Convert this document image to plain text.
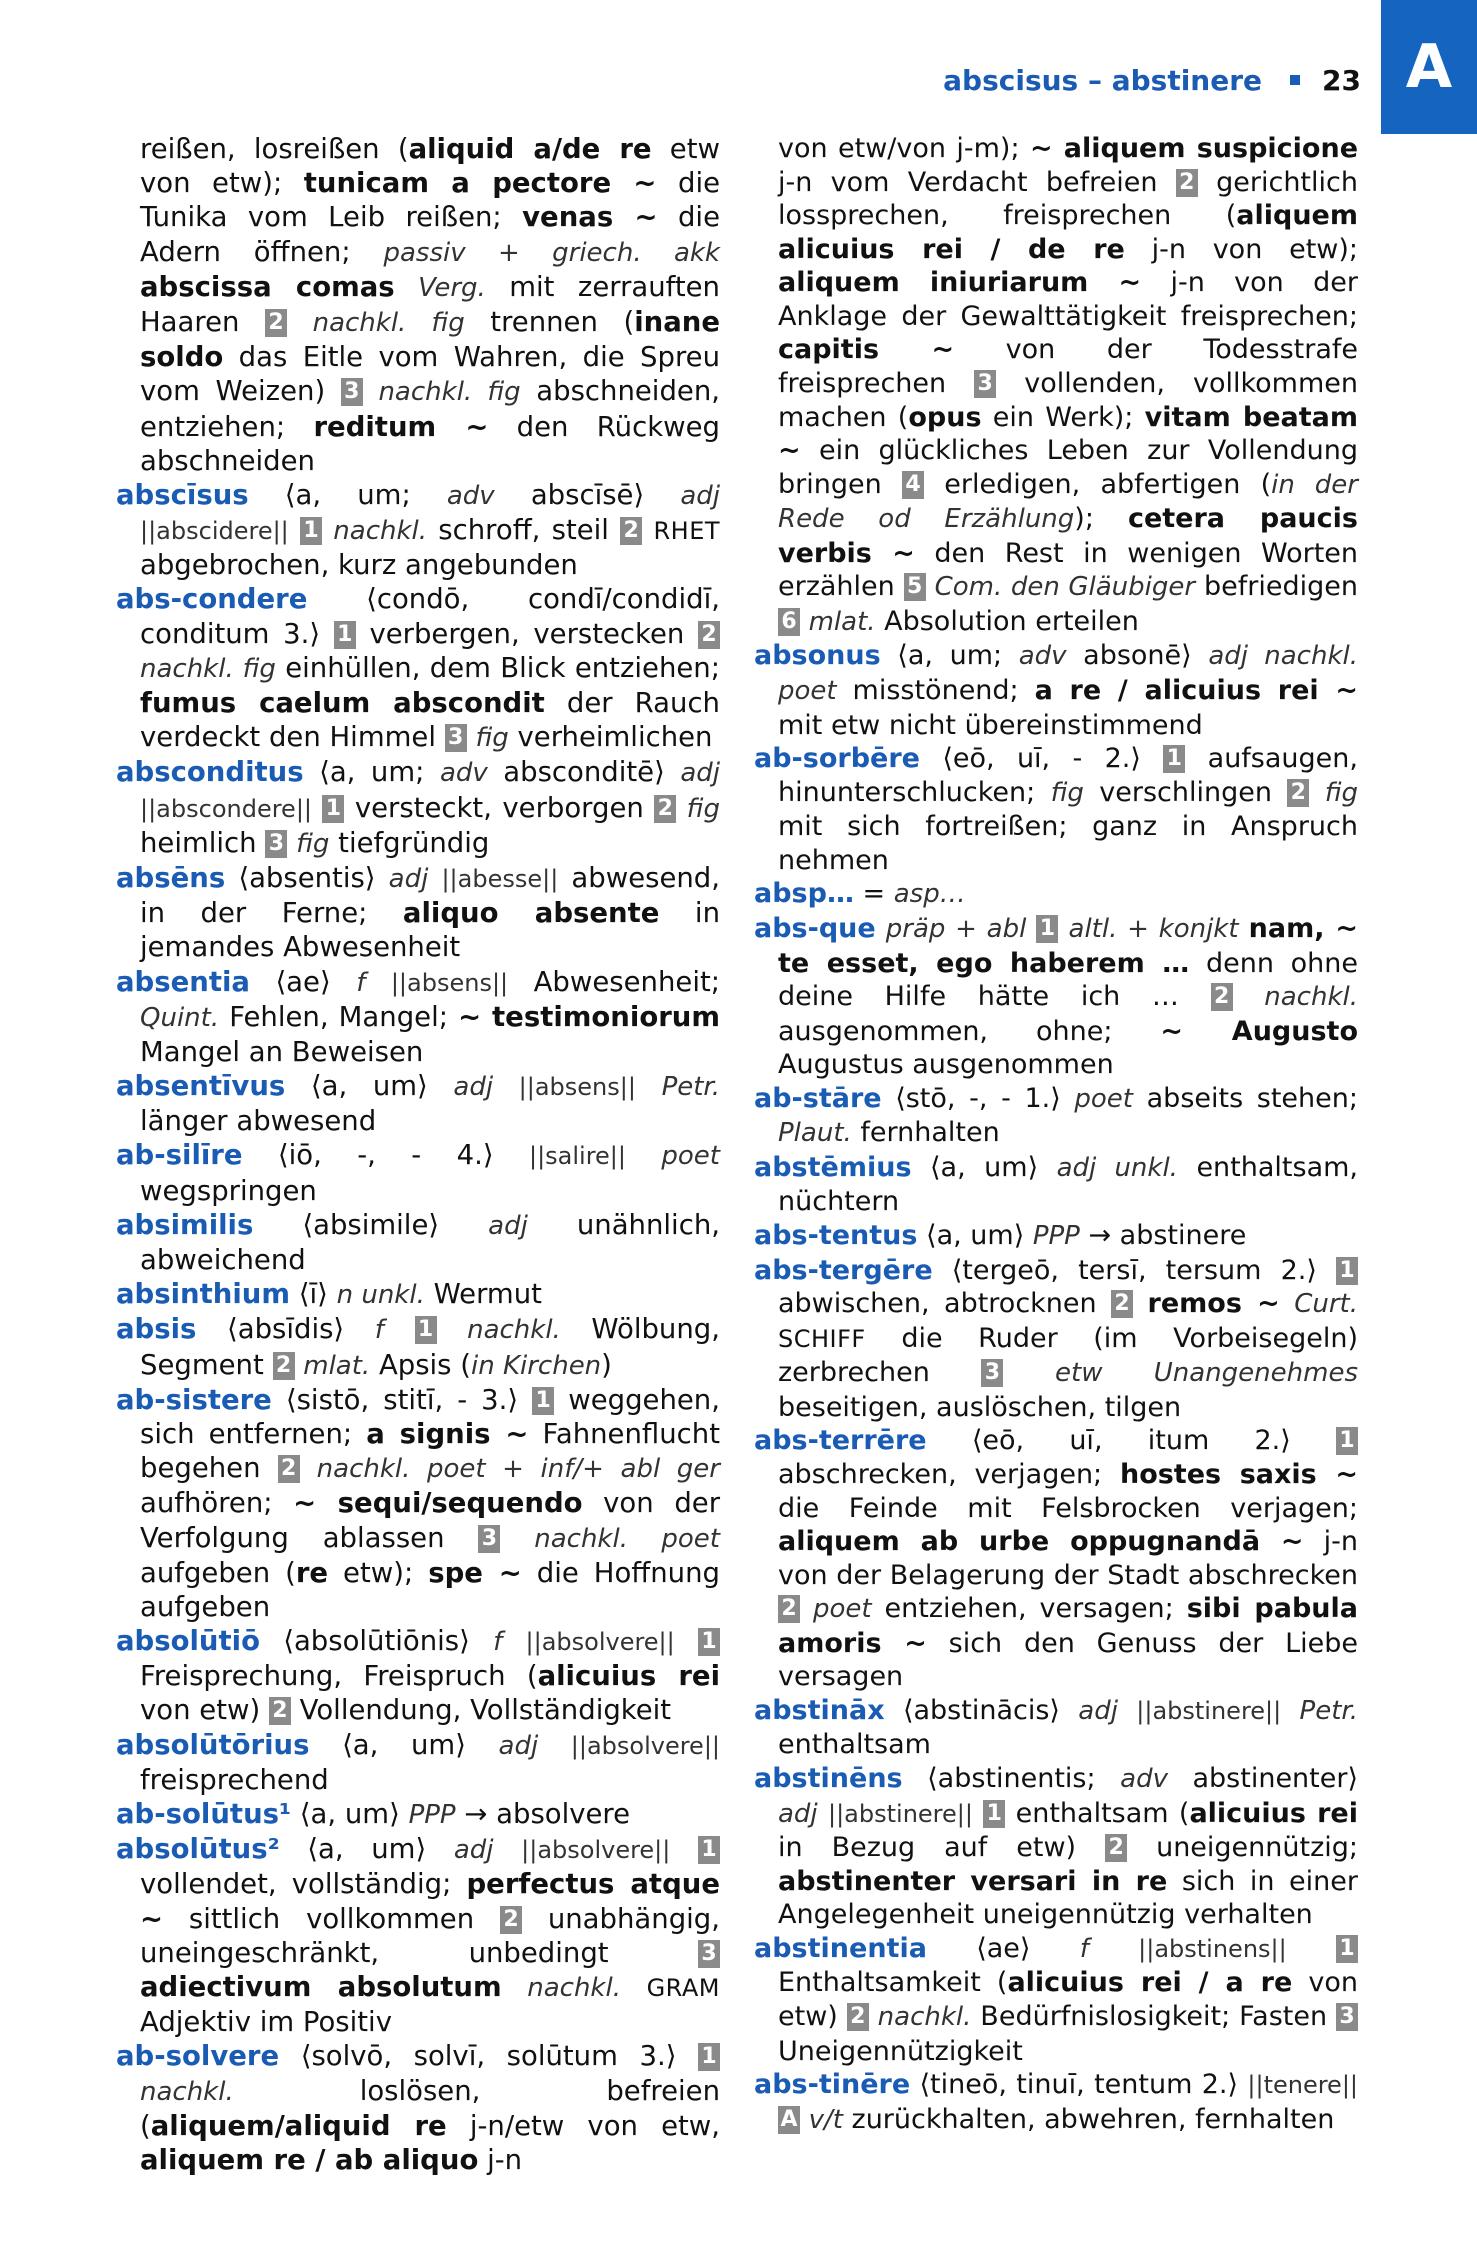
A
abscisus – abstinere 23

reißen, losreißen (aliquid a/de re etw von etw); tunicam a pectore ~ die Tunika vom Leib reißen; venas ~ die Adern öffnen; passiv + griech. akk abscissa comas Verg. mit zerrauften Haaren 2 nachkl. fig trennen (inane soldo das Eitle vom Wahren, die Spreu vom Weizen) 3 nachkl. fig abschneiden, entziehen; reditum ~ den Rückweg abschneiden

abscīsus ⟨a, um; adv abscīsē⟩ adj ||abscidere|| 1 nachkl. schroff, steil 2 RHET abgebrochen, kurz angebunden

abs-condere ⟨condō, condī/condidī, conditum 3.⟩ 1 verbergen, verstecken 2 nachkl. fig einhüllen, dem Blick entziehen; fumus caelum abscondit der Rauch verdeckt den Himmel 3 fig verheimlichen

absconditus ⟨a, um; adv absconditē⟩ adj ||abscondere|| 1 versteckt, verborgen 2 fig heimlich 3 fig tiefgründig

absēns ⟨absentis⟩ adj ||abesse|| abwesend, in der Ferne; aliquo absente in jemandes Abwesenheit

absentia ⟨ae⟩ f ||absens|| Abwesenheit; Quint. Fehlen, Mangel; ~ testimoniorum Mangel an Beweisen

absentīvus ⟨a, um⟩ adj ||absens|| Petr. länger abwesend

ab-silīre ⟨iō, -, - 4.⟩ ||salire|| poet wegspringen

absimilis ⟨absimile⟩ adj unähnlich, abweichend

absinthium ⟨ī⟩ n unkl. Wermut

absis ⟨absīdis⟩ f 1 nachkl. Wölbung, Segment 2 mlat. Apsis (in Kirchen)

ab-sistere ⟨sistō, stitī, - 3.⟩ 1 weggehen, sich entfernen; a signis ~ Fahnenflucht begehen 2 nachkl. poet + inf/+ abl ger aufhören; ~ sequi/sequendo von der Verfolgung ablassen 3 nachkl. poet aufgeben (re etw); spe ~ die Hoffnung aufgeben

absolūtiō ⟨absolūtiōnis⟩ f ||absolvere|| 1 Freisprechung, Freispruch (alicuius rei von etw) 2 Vollendung, Vollständigkeit

absolūtōrius ⟨a, um⟩ adj ||absolvere|| freisprechend

ab-solūtus¹ ⟨a, um⟩ PPP → absolvere

absolūtus² ⟨a, um⟩ adj ||absolvere|| 1 vollendet, vollständig; perfectus atque ~ sittlich vollkommen 2 unabhängig, uneingeschränkt, unbedingt 3 adiectivum absolutum nachkl. GRAM Adjektiv im Positiv

ab-solvere ⟨solvō, solvī, solūtum 3.⟩ 1 nachkl. loslösen, befreien (aliquem/aliquid re j-n/etw von etw, aliquem re / ab aliquo j-n

von etw/von j-m); ~ aliquem suspicione j-n vom Verdacht befreien 2 gerichtlich lossprechen, freisprechen (aliquem alicuius rei / de re j-n von etw); aliquem iniuriarum ~ j-n von der Anklage der Gewalttätigkeit freisprechen; capitis ~ von der Todesstrafe freisprechen 3 vollenden, vollkommen machen (opus ein Werk); vitam beatam ~ ein glückliches Leben zur Vollendung bringen 4 erledigen, abfertigen (in der Rede od Erzählung); cetera paucis verbis ~ den Rest in wenigen Worten erzählen 5 Com. den Gläubiger befriedigen 6 mlat. Absolution erteilen

absonus ⟨a, um; adv absonē⟩ adj nachkl. poet misstönend; a re / alicuius rei ~ mit etw nicht übereinstimmend

ab-sorbēre ⟨eō, uī, - 2.⟩ 1 aufsaugen, hinunterschlucken; fig verschlingen 2 fig mit sich fortreißen; ganz in Anspruch nehmen

absp… = asp…

abs-que präp + abl 1 altl. + konjkt nam, ~ te esset, ego haberem … denn ohne deine Hilfe hätte ich … 2 nachkl. ausgenommen, ohne; ~ Augusto Augustus ausgenommen

ab-stāre ⟨stō, -, - 1.⟩ poet abseits stehen; Plaut. fernhalten

abstēmius ⟨a, um⟩ adj unkl. enthaltsam, nüchtern

abs-tentus ⟨a, um⟩ PPP → abstinere

abs-tergēre ⟨tergeō, tersī, tersum 2.⟩ 1 abwischen, abtrocknen 2 remos ~ Curt. SCHIFF die Ruder (im Vorbeisegeln) zerbrechen 3 etw Unangenehmes beseitigen, auslöschen, tilgen

abs-terrēre ⟨eō, uī, itum 2.⟩ 1 abschrecken, verjagen; hostes saxis ~ die Feinde mit Felsbrocken verjagen; aliquem ab urbe oppugnandā ~ j-n von der Belagerung der Stadt abschrecken 2 poet entziehen, versagen; sibi pabula amoris ~ sich den Genuss der Liebe versagen

abstināx ⟨abstinācis⟩ adj ||abstinere|| Petr. enthaltsam

abstinēns ⟨abstinentis; adv abstinenter⟩ adj ||abstinere|| 1 enthaltsam (alicuius rei in Bezug auf etw) 2 uneigennützig; abstinenter versari in re sich in einer Angelegenheit uneigennützig verhalten

abstinentia ⟨ae⟩ f ||abstinens|| 1 Enthaltsamkeit (alicuius rei / a re von etw) 2 nachkl. Bedürfnislosigkeit; Fasten 3 Uneigennützigkeit

abs-tinēre ⟨tineō, tinuī, tentum 2.⟩ ||tenere|| A v/t zurückhalten, abwehren, fernhalten
